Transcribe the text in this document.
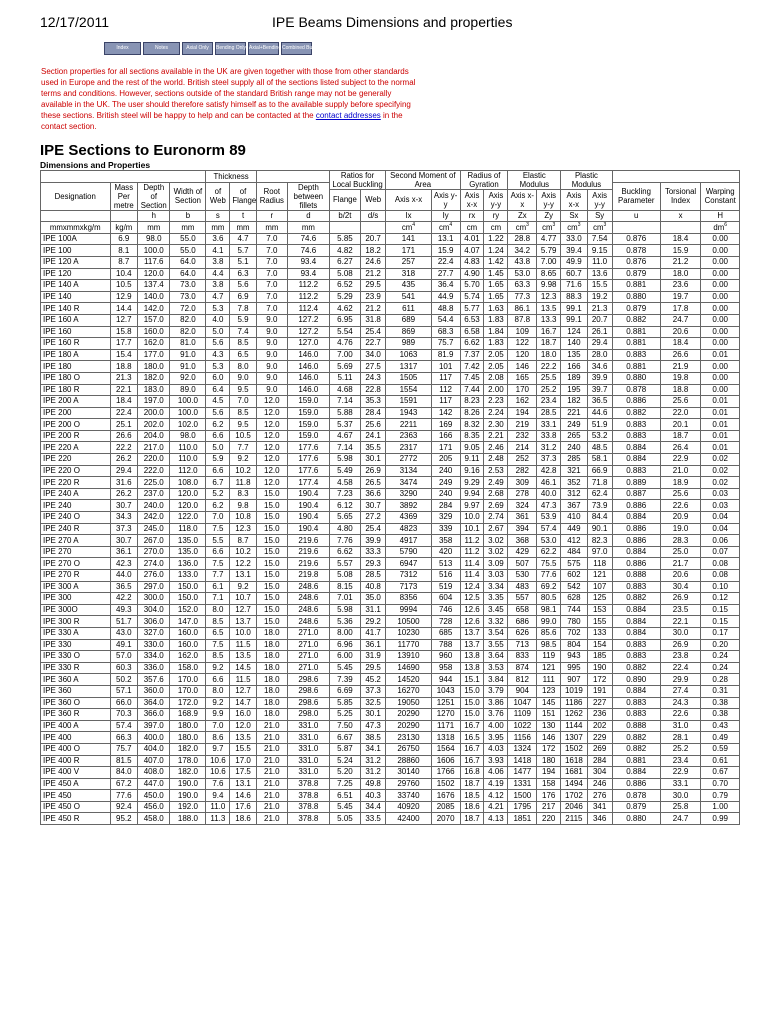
12/17/2011	IPE Beams Dimensions and properties
Index	Notes	Axial Only	Bending Only Axial+Bending Combined Buckling
Section properties for all sections available in the UK are given together with those from other standards used in Europe and the rest of the world. British steel supply all of the sections listed subject to the normal terms and conditions. However, sections outside of the standard British range may not be generally available in the UK. The user should therefore satisfy himself as to the available supply before specifying these sections. British steel will be happy to help and can be contacted at the contact addresses in the contact section.
IPE Sections to Euronorm 89
Dimensions and Properties
				Thickness				Ratios for Local Buckling		Second Moment of Area		Radius of Gyration		Elastic Modulus		Plastic Modulus				
Designation	Mass Per metre	Depth of Section	Width of Section	of Web	of Flange	Root Radius	Depth between fillets											Buckling Parameter	Torsional Index	Warping Constant
								Flange	Web	Axis x-x	Axis y-y	Axis x-x	Axis y-y	Axis x-x	Axis y-y	Axis x-x	Axis y-y			

		h	b	s	t	r	d	b/2t	d/s	Ix	Iy	rx	ry	Zx	Zy	Sx	Sy	u	x	H
mmxmmxkg/m	kg/m	mm	mm	mm	mm	mm	mm			$cm^4$	$cm^4$	cm	cm	$cm^3$	$cm^3$	$cm^3$	$cm^3$			$dm^6$
IPE 100A	6.9	98.0	55.0	3.6	4.7	7.0	74.6	5.85	20.7	141	13.1	4.01	1.22	28.8	4.77	33.0	7.54	0.876	18.4	0.00
IPE 100	8.1	100.0	55.0	4.1	5.7	7.0	74.6	4.82	18.2	171	15.9	4.07	1.24	34.2	5.79	39.4	9.15	0.878	15.9	0.00
IPE 120 A	8.7	117.6	64.0	3.8	5.1	7.0	93.4	6.27	24.6	257	22.4	4.83	1.42	43.8	7.00	49.9	11.0	0.876	21.2	0.00
IPE 120	10.4	120.0	64.0	4.4	6.3	7.0	93.4	5.08	21.2	318	27.7	4.90	1.45	53.0	8.65	60.7	13.6	0.879	18.0	0.00
IPE 140 A	10.5	137.4	73.0	3.8	5.6	7.0	112.2	6.52	29.5	435	36.4	5.70	1.65	63.3	9.98	71.6	15.5	0.881	23.6	0.00
IPE 140	12.9	140.0	73.0	4.7	6.9	7.0	112.2	5.29	23.9	541	44.9	5.74	1.65	77.3	12.3	88.3	19.2	0.880	19.7	0.00
IPE 140 R	14.4	142.0	72.0	5.3	7.8	7.0	112.4	4.62	21.2	611	48.8	5.77	1.63	86.1	13.5	99.1	21.3	0.879	17.8	0.00
IPE 160 A	12.7	157.0	82.0	4.0	5.9	9.0	127.2	6.95	31.8	689	54.4	6.53	1.83	87.8	13.3	99.1	20.7	0.882	24.7	0.00
IPE 160	15.8	160.0	82.0	5.0	7.4	9.0	127.2	5.54	25.4	869	68.3	6.58	1.84	109	16.7	124	26.1	0.881	20.6	0.00
IPE 160 R	17.7	162.0	81.0	5.6	8.5	9.0	127.0	4.76	22.7	989	75.7	6.62	1.83	122	18.7	140	29.4	0.881	18.4	0.00
IPE 180 A	15.4	177.0	91.0	4.3	6.5	9.0	146.0	7.00	34.0	1063	81.9	7.37	2.05	120	18.0	135	28.0	0.883	26.6	0.01
IPE 180	18.8	180.0	91.0	5.3	8.0	9.0	146.0	5.69	27.5	1317	101	7.42	2.05	146	22.2	166	34.6	0.881	21.9	0.00
IPE 180 O	21.3	182.0	92.0	6.0	9.0	9.0	146.0	5.11	24.3	1505	117	7.45	2.08	165	25.5	189	39.9	0.880	19.8	0.00
IPE 180 R	22.1	183.0	89.0	6.4	9.5	9.0	146.0	4.68	22.8	1554	112	7.44	2.00	170	25.2	195	39.7	0.878	18.8	0.00
IPE 200 A	18.4	197.0	100.0	4.5	7.0	12.0	159.0	7.14	35.3	1591	117	8.23	2.23	162	23.4	182	36.5	0.886	25.6	0.01
IPE 200	22.4	200.0	100.0	5.6	8.5	12.0	159.0	5.88	28.4	1943	142	8.26	2.24	194	28.5	221	44.6	0.882	22.0	0.01
IPE 200 O	25.1	202.0	102.0	6.2	9.5	12.0	159.0	5.37	25.6	2211	169	8.32	2.30	219	33.1	249	51.9	0.883	20.1	0.01
IPE 200 R	26.6	204.0	98.0	6.6	10.5	12.0	159.0	4.67	24.1	2363	166	8.35	2.21	232	33.8	265	53.2	0.883	18.7	0.01
IPE 220 A	22.2	217.0	110.0	5.0	7.7	12.0	177.6	7.14	35.5	2317	171	9.05	2.46	214	31.2	240	48.5	0.884	26.4	0.01
IPE 220	26.2	220.0	110.0	5.9	9.2	12.0	177.6	5.98	30.1	2772	205	9.11	2.48	252	37.3	285	58.1	0.884	22.9	0.02
IPE 220 O	29.4	222.0	112.0	6.6	10.2	12.0	177.6	5.49	26.9	3134	240	9.16	2.53	282	42.8	321	66.9	0.883	21.0	0.02
IPE 220 R	31.6	225.0	108.0	6.7	11.8	12.0	177.4	4.58	26.5	3474	249	9.29	2.49	309	46.1	352	71.8	0.889	18.9	0.02
IPE 240 A	26.2	237.0	120.0	5.2	8.3	15.0	190.4	7.23	36.6	3290	240	9.94	2.68	278	40.0	312	62.4	0.887	25.6	0.03
IPE 240	30.7	240.0	120.0	6.2	9.8	15.0	190.4	6.12	30.7	3892	284	9.97	2.69	324	47.3	367	73.9	0.886	22.6	0.03
IPE 240 O	34.3	242.0	122.0	7.0	10.8	15.0	190.4	5.65	27.2	4369	329	10.0	2.74	361	53.9	410	84.4	0.884	20.9	0.04
IPE 240 R	37.3	245.0	118.0	7.5	12.3	15.0	190.4	4.80	25.4	4823	339	10.1	2.67	394	57.4	449	90.1	0.886	19.0	0.04
IPE 270 A	30.7	267.0	135.0	5.5	8.7	15.0	219.6	7.76	39.9	4917	358	11.2	3.02	368	53.0	412	82.3	0.886	28.3	0.06
IPE 270	36.1	270.0	135.0	6.6	10.2	15.0	219.6	6.62	33.3	5790	420	11.2	3.02	429	62.2	484	97.0	0.884	25.0	0.07
IPE 270 O	42.3	274.0	136.0	7.5	12.2	15.0	219.6	5.57	29.3	6947	513	11.4	3.09	507	75.5	575	118	0.886	21.7	0.08
IPE 270 R	44.0	276.0	133.0	7.7	13.1	15.0	219.8	5.08	28.5	7312	516	11.4	3.03	530	77.6	602	121	0.888	20.6	0.08
IPE 300 A	36.5	297.0	150.0	6.1	9.2	15.0	248.6	8.15	40.8	7173	519	12.4	3.34	483	69.2	542	107	0.883	30.4	0.10
IPE 300	42.2	300.0	150.0	7.1	10.7	15.0	248.6	7.01	35.0	8356	604	12.5	3.35	557	80.5	628	125	0.882	26.9	0.12
IPE 300O	49.3	304.0	152.0	8.0	12.7	15.0	248.6	5.98	31.1	9994	746	12.6	3.45	658	98.1	744	153	0.884	23.5	0.15
IPE 300 R	51.7	306.0	147.0	8.5	13.7	15.0	248.6	5.36	29.2	10500	728	12.6	3.32	686	99.0	780	155	0.884	22.1	0.15
IPE 330 A	43.0	327.0	160.0	6.5	10.0	18.0	271.0	8.00	41.7	10230	685	13.7	3.54	626	85.6	702	133	0.884	30.0	0.17
IPE 330	49.1	330.0	160.0	7.5	11.5	18.0	271.0	6.96	36.1	11770	788	13.7	3.55	713	98.5	804	154	0.883	26.9	0.20
IPE 330 O	57.0	334.0	162.0	8.5	13.5	18.0	271.0	6.00	31.9	13910	960	13.8	3.64	833	119	943	185	0.883	23.8	0.24
IPE 330 R	60.3	336.0	158.0	9.2	14.5	18.0	271.0	5.45	29.5	14690	958	13.8	3.53	874	121	995	190	0.882	22.4	0.24
IPE 360 A	50.2	357.6	170.0	6.6	11.5	18.0	298.6	7.39	45.2	14520	944	15.1	3.84	812	111	907	172	0.890	29.9	0.28
IPE 360	57.1	360.0	170.0	8.0	12.7	18.0	298.6	6.69	37.3	16270	1043	15.0	3.79	904	123	1019	191	0.884	27.4	0.31
IPE 360 O	66.0	364.0	172.0	9.2	14.7	18.0	298.6	5.85	32.5	19050	1251	15.0	3.86	1047	145	1186	227	0.883	24.3	0.38
IPE 360 R	70.3	366.0	168.9	9.9	16.0	18.0	298.0	5.25	30.1	20290	1270	15.0	3.76	1109	151	1262	236	0.883	22.6	0.38
IPE 400 A	57.4	397.0	180.0	7.0	12.0	21.0	331.0	7.50	47.3	20290	1171	16.7	4.00	1022	130	1144	202	0.888	31.0	0.43
IPE 400	66.3	400.0	180.0	8.6	13.5	21.0	331.0	6.67	38.5	23130	1318	16.5	3.95	1156	146	1307	229	0.882	28.1	0.49
IPE 400 O	75.7	404.0	182.0	9.7	15.5	21.0	331.0	5.87	34.1	26750	1564	16.7	4.03	1324	172	1502	269	0.882	25.2	0.59
IPE 400 R	81.5	407.0	178.0	10.6	17.0	21.0	331.0	5.24	31.2	28860	1606	16.7	3.93	1418	180	1618	284	0.881	23.4	0.61
IPE 400 V	84.0	408.0	182.0	10.6	17.5	21.0	331.0	5.20	31.2	30140	1766	16.8	4.06	1477	194	1681	304	0.884	22.9	0.67
IPE 450 A	67.2	447.0	190.0	7.6	13.1	21.0	378.8	7.25	49.8	29760	1502	18.7	4.19	1331	158	1494	246	0.886	33.1	0.70
IPE 450	77.6	450.0	190.0	9.4	14.6	21.0	378.8	6.51	40.3	33740	1676	18.5	4.12	1500	176	1702	276	0.878	30.0	0.79
IPE 450 O	92.4	456.0	192.0	11.0	17.6	21.0	378.8	5.45	34.4	40920	2085	18.6	4.21	1795	217	2046	341	0.879	25.8	1.00
IPE 450 R	95.2	458.0	188.0	11.3	18.6	21.0	378.8	5.05	33.5	42400	2070	18.7	4.13	1851	220	2115	346	0.880	24.7	0.99
